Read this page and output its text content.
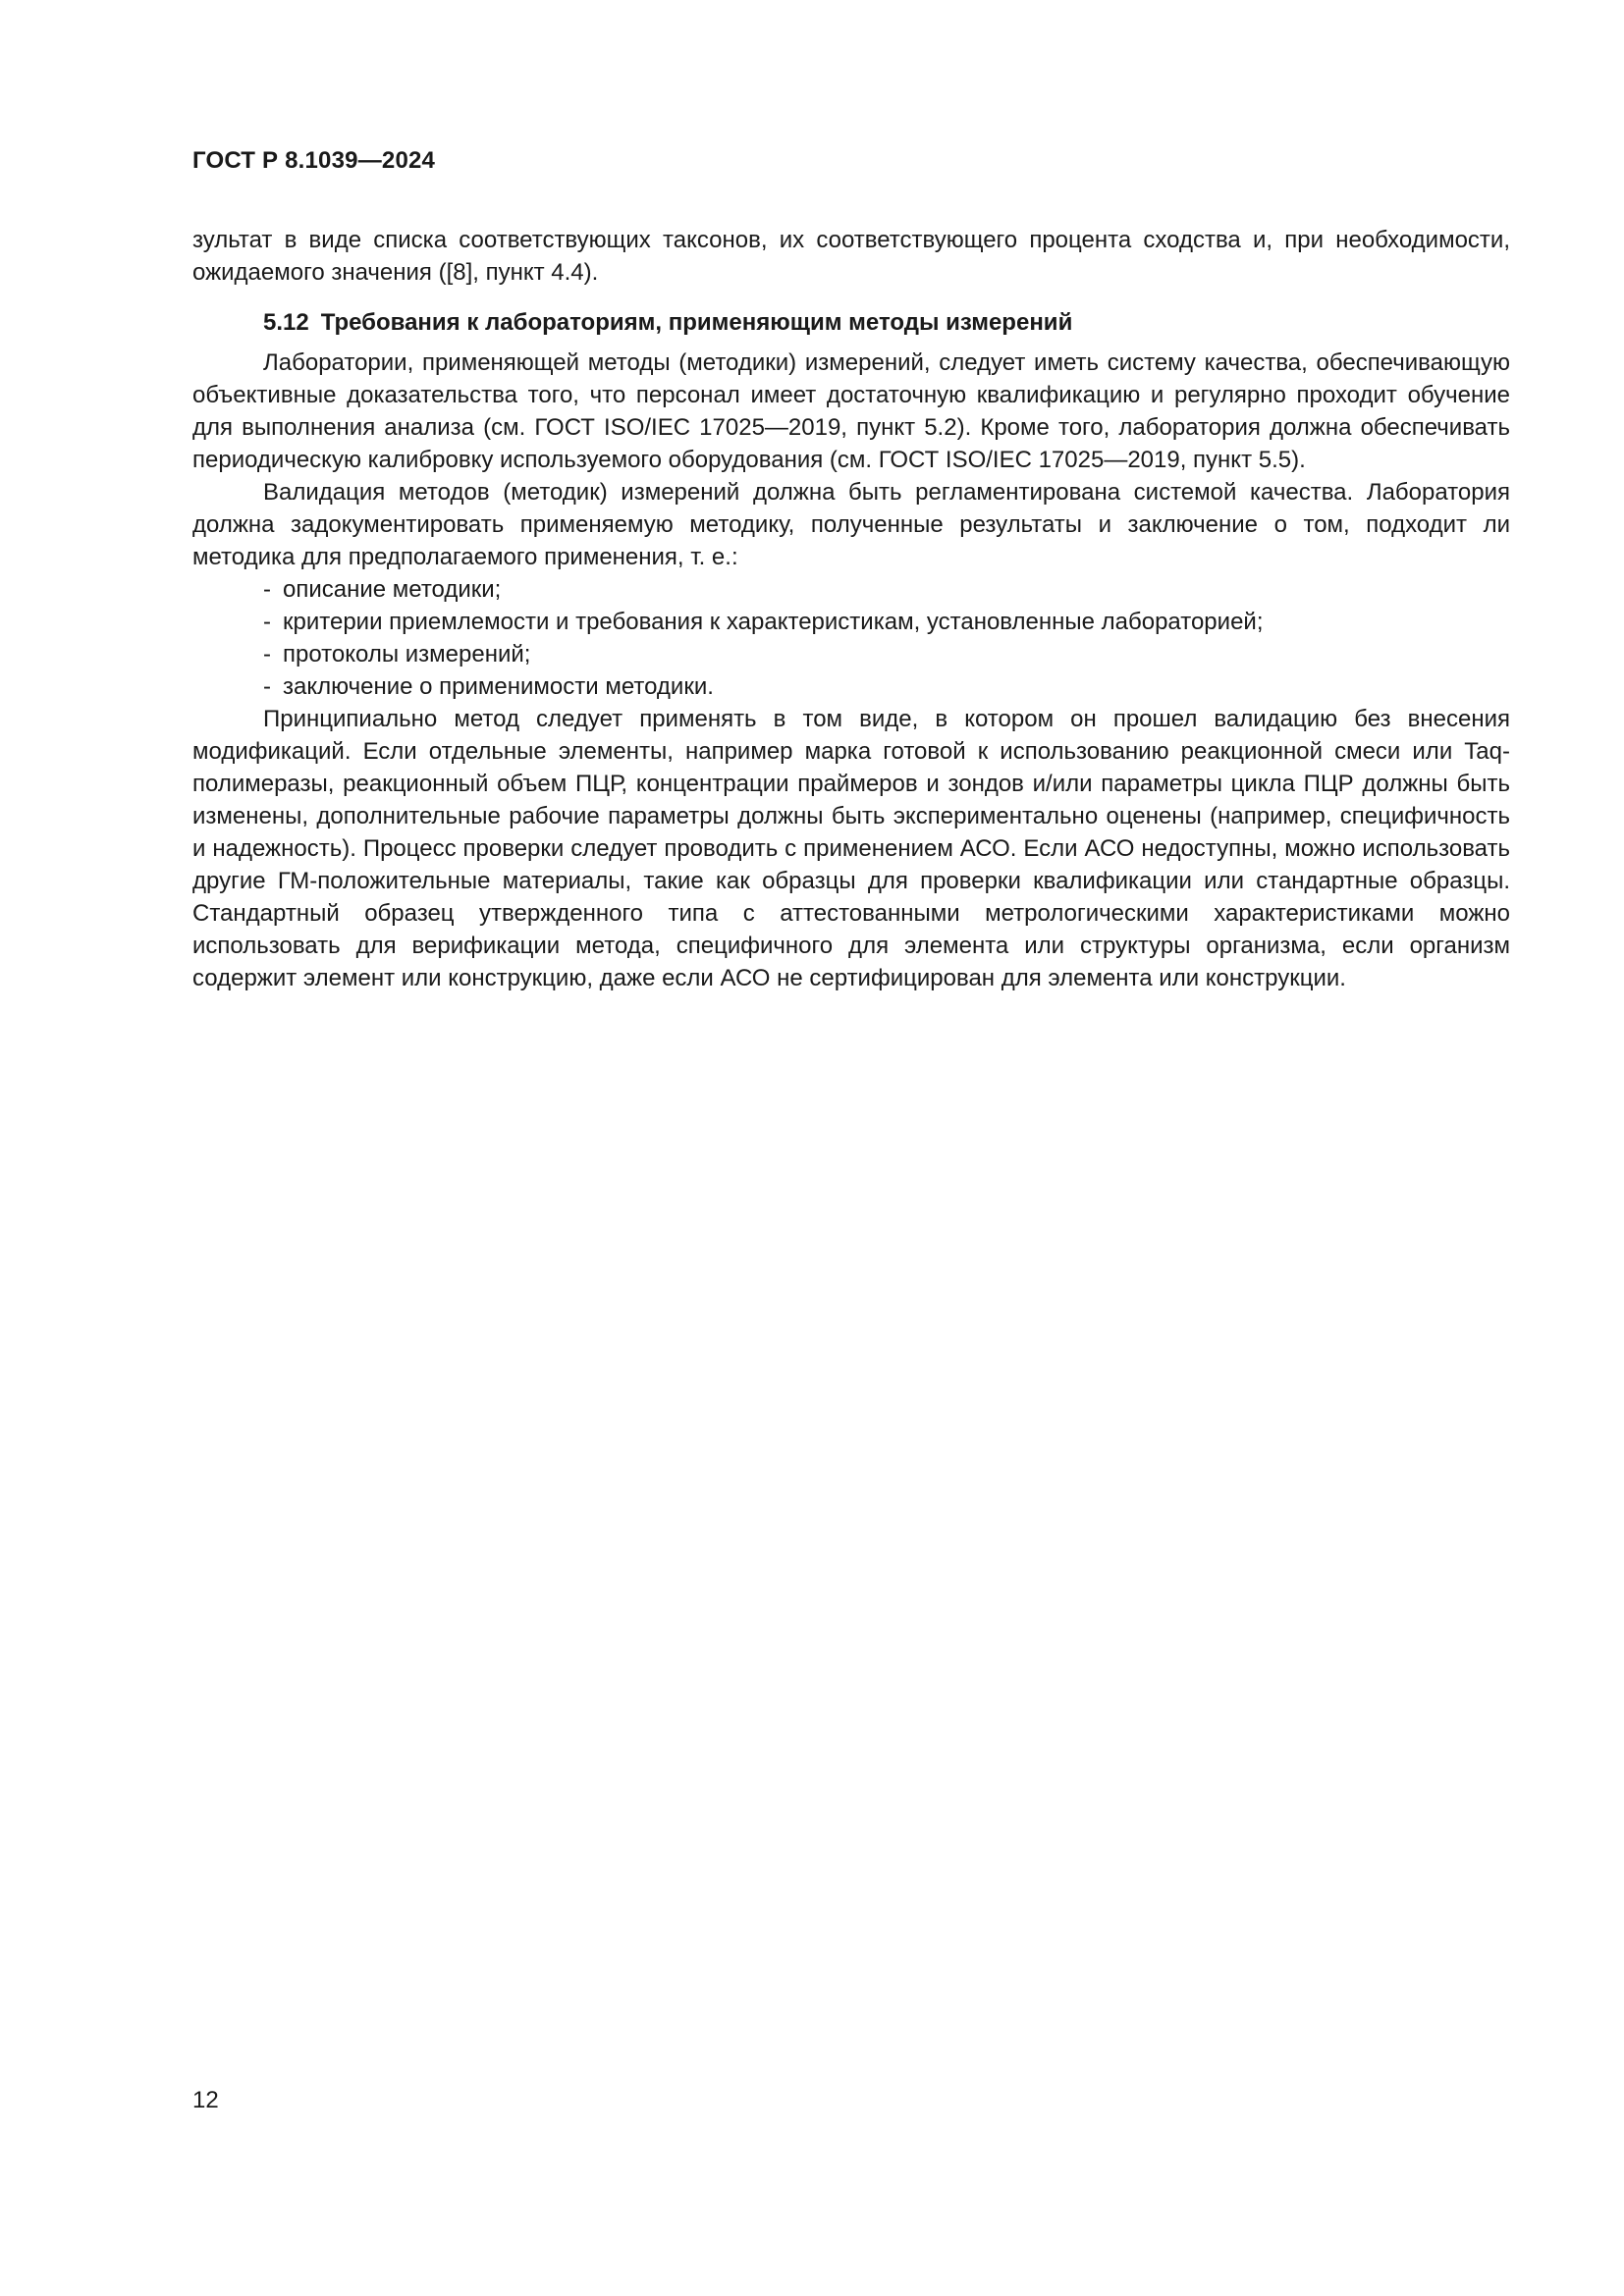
ГОСТ Р 8.1039—2024

зультат в виде списка соответствующих таксонов, их соответствующего процента сходства и, при необходимости, ожидаемого значения ([8], пункт 4.4).

5.12 Требования к лабораториям, применяющим методы измерений

Лаборатории, применяющей методы (методики) измерений, следует иметь систему качества, обеспечивающую объективные доказательства того, что персонал имеет достаточную квалификацию и регулярно проходит обучение для выполнения анализа (см. ГОСТ ISO/IEC 17025—2019, пункт 5.2). Кроме того, лаборатория должна обеспечивать периодическую калибровку используемого оборудования (см. ГОСТ ISO/IEC 17025—2019, пункт 5.5).

Валидация методов (методик) измерений должна быть регламентирована системой качества. Лаборатория должна задокументировать применяемую методику, полученные результаты и заключение о том, подходит ли методика для предполагаемого применения, т. е.:

- описание методики;
- критерии приемлемости и требования к характеристикам, установленные лабораторией;
- протоколы измерений;
- заключение о применимости методики.

Принципиально метод следует применять в том виде, в котором он прошел валидацию без внесения модификаций. Если отдельные элементы, например марка готовой к использованию реакционной смеси или Taq-полимеразы, реакционный объем ПЦР, концентрации праймеров и зондов и/или параметры цикла ПЦР должны быть изменены, дополнительные рабочие параметры должны быть экспериментально оценены (например, специфичность и надежность). Процесс проверки следует проводить с применением АСО. Если АСО недоступны, можно использовать другие ГМ-положительные материалы, такие как образцы для проверки квалификации или стандартные образцы. Стандартный образец утвержденного типа с аттестованными метрологическими характеристиками можно использовать для верификации метода, специфичного для элемента или структуры организма, если организм содержит элемент или конструкцию, даже если АСО не сертифицирован для элемента или конструкции.

12
